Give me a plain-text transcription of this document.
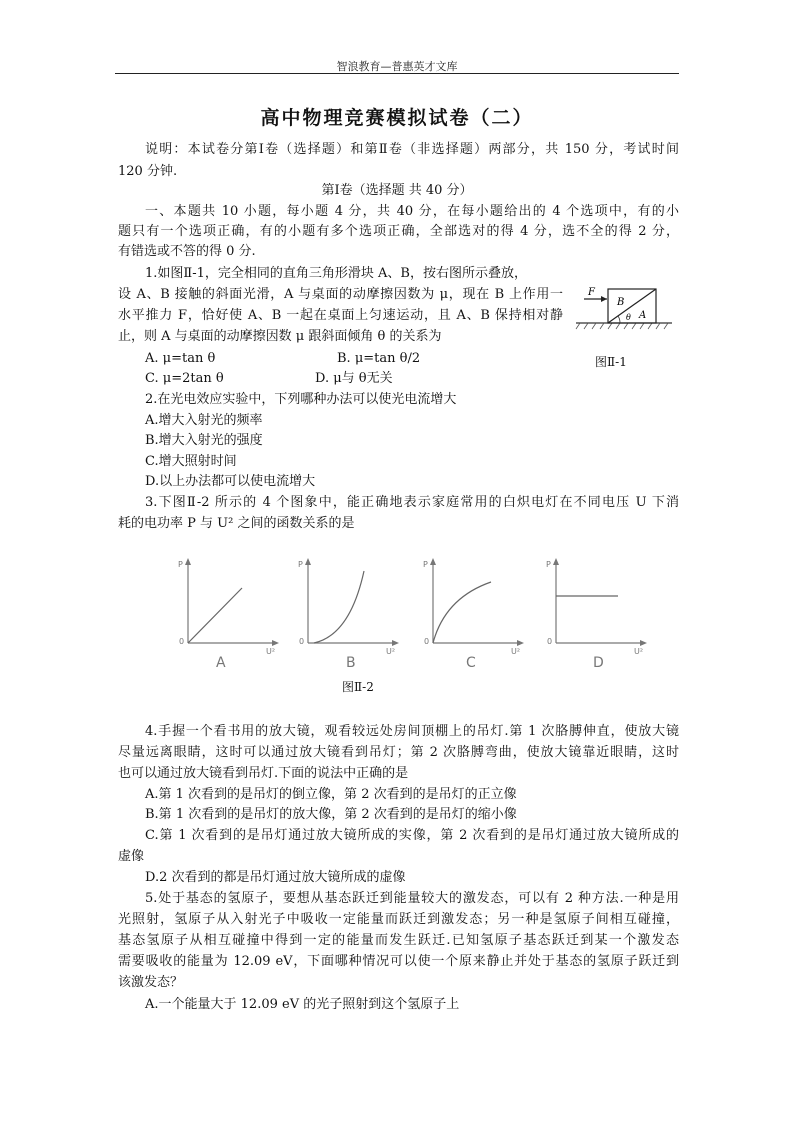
智浪教育—普惠英才文库
高中物理竞赛模拟试卷（二）
说明：本试卷分第Ⅰ卷（选择题）和第Ⅱ卷（非选择题）两部分，共 150 分，考试时间
120 分钟.
第Ⅰ卷（选择题 共 40 分）
一、本题共 10 小题，每小题 4 分，共 40 分，在每小题给出的 4 个选项中，有的小
题只有一个选项正确，有的小题有多个选项正确，全部选对的得 4 分，选不全的得 2 分，
有错选或不答的得 0 分.
1.如图Ⅱ-1，完全相同的直角三角形滑块 A、B，按右图所示叠放，
设 A、B 接触的斜面光滑，A 与桌面的动摩擦因数为 μ，现在 B 上作用一
水平推力 F，恰好使 A、B 一起在桌面上匀速运动，且 A、B 保持相对静
止，则 A 与桌面的动摩擦因数 μ 跟斜面倾角 θ 的关系为
A. μ=tan θ	B. μ=tan θ/2
C. μ=2tan θ	D. μ与 θ无关
F
B
A
θ
图Ⅱ-1
2.在光电效应实验中，下列哪种办法可以使光电流增大
A.增大入射光的频率
B.增大入射光的强度
C.增大照射时间
D.以上办法都可以使电流增大
3.下图Ⅱ-2 所示的 4 个图象中，能正确地表示家庭常用的白炽电灯在不同电压 U 下消
耗的电功率 P 与 U² 之间的函数关系的是
P
U²
0
A
P
U²
0
B
P
U²
0
C
P
U²
0
D
图Ⅱ-2
4.手握一个看书用的放大镜，观看较远处房间顶棚上的吊灯.第 1 次胳膊伸直，使放大镜
尽量远离眼睛，这时可以通过放大镜看到吊灯；第 2 次胳膊弯曲，使放大镜靠近眼睛，这时
也可以通过放大镜看到吊灯.下面的说法中正确的是
A.第 1 次看到的是吊灯的倒立像，第 2 次看到的是吊灯的正立像
B.第 1 次看到的是吊灯的放大像，第 2 次看到的是吊灯的缩小像
C.第 1 次看到的是吊灯通过放大镜所成的实像，第 2 次看到的是吊灯通过放大镜所成的
虚像
D.2 次看到的都是吊灯通过放大镜所成的虚像
5.处于基态的氢原子，要想从基态跃迁到能量较大的激发态，可以有 2 种方法.一种是用
光照射，氢原子从入射光子中吸收一定能量而跃迁到激发态；另一种是氢原子间相互碰撞，
基态氢原子从相互碰撞中得到一定的能量而发生跃迁.已知氢原子基态跃迁到某一个激发态
需要吸收的能量为 12.09 eV，下面哪种情况可以使一个原来静止并处于基态的氢原子跃迁到
该激发态？
A.一个能量大于 12.09 eV 的光子照射到这个氢原子上
